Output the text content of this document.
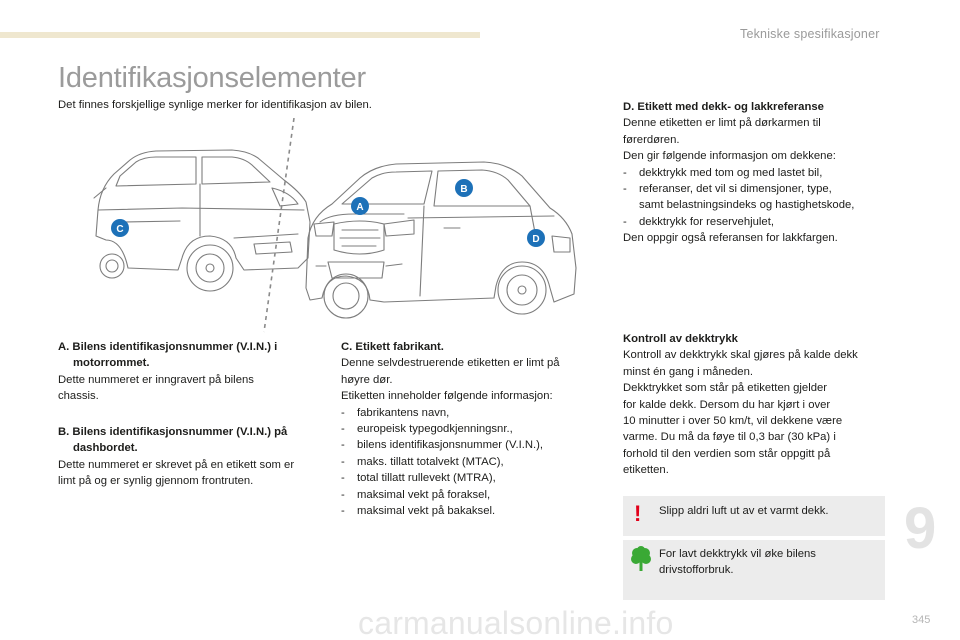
Tekniske spesifikasjoner
Identifikasjonselementer

Det finnes forskjellige synlige merker for identifikasjon av bilen.

A
B
C
D
A. Bilens identifikasjonsnummer (V.I.N.) i
motorrommet.
Dette nummeret er inngravert på bilens
chassis.
B. Bilens identifikasjonsnummer (V.I.N.) på
dashbordet.
Dette nummeret er skrevet på en etikett som er
limt på og er synlig gjennom frontruten.
C. Etikett fabrikant.
Denne selvdestruerende etiketten er limt på
høyre dør.
Etiketten inneholder følgende informasjon:
- fabrikantens navn,
- europeisk typegodkjenningsnr.,
- bilens identifikasjonsnummer (V.I.N.),
- maks. tillatt totalvekt (MTAC),
- total tillatt rullevekt (MTRA),
- maksimal vekt på foraksel,
- maksimal vekt på bakaksel.
D. Etikett med dekk- og lakkreferanse
Denne etiketten er limt på dørkarmen til
førerdøren.
Den gir følgende informasjon om dekkene:
- dekktrykk med tom og med lastet bil,
- referanser, det vil si dimensjoner, type,
samt belastningsindeks og hastighetskode,
- dekktrykk for reservehjulet,
Den oppgir også referansen for lakkfargen.
Kontroll av dekktrykk
Kontroll av dekktrykk skal gjøres på kalde dekk
minst én gang i måneden.
Dekktrykket som står på etiketten gjelder
for kalde dekk. Dersom du har kjørt i over
10 minutter i over 50 km/t, vil dekkene være
varme. Du må da føye til 0,3 bar (30 kPa) i
forhold til den verdien som står oppgitt på
etiketten.
!	Slipp aldri luft ut av et varmt dekk.
For lavt dekktrykk vil øke bilens
drivstofforbruk.
9
carmanualsonline.info	345
